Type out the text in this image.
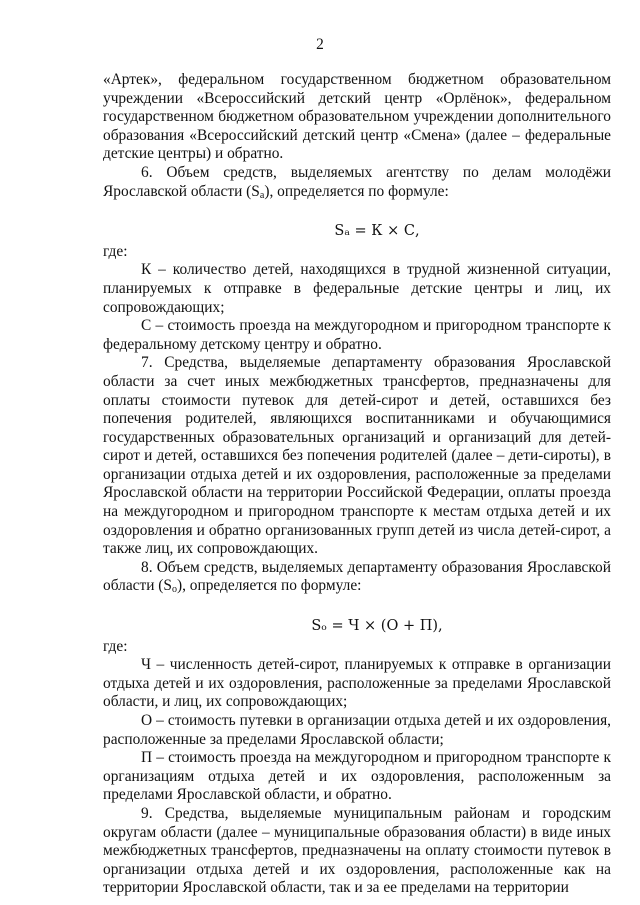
2

«Артек», федеральном государственном бюджетном образовательном учреждении «Всероссийский детский центр «Орлёнок», федеральном государственном бюджетном образовательном учреждении дополнительного образования «Всероссийский детский центр «Смена» (далее – федеральные детские центры) и обратно.

6. Объем средств, выделяемых агентству по делам молодёжи Ярославской области $(S_а)$, определяется по формуле:

Sₐ = К × С,

где:

К – количество детей, находящихся в трудной жизненной ситуации, планируемых к отправке в федеральные детские центры и лиц, их сопровождающих;

С – стоимость проезда на междугородном и пригородном транспорте к федеральному детскому центру и обратно.

7. Средства, выделяемые департаменту образования Ярославской области за счет иных межбюджетных трансфертов, предназначены для оплаты стоимости путевок для детей-сирот и детей, оставшихся без попечения родителей, являющихся воспитанниками и обучающимися государственных образовательных организаций и организаций для детей-сирот и детей, оставшихся без попечения родителей (далее – дети-сироты), в организации отдыха детей и их оздоровления, расположенные за пределами Ярославской области на территории Российской Федерации, оплаты проезда на междугородном и пригородном транспорте к местам отдыха детей и их оздоровления и обратно организованных групп детей из числа детей-сирот, а также лиц, их сопровождающих.

8. Объем средств, выделяемых департаменту образования Ярославской области $(S_о)$, определяется по формуле:

Sₒ = Ч × (О + П),

где:

Ч – численность детей-сирот, планируемых к отправке в организации отдыха детей и их оздоровления, расположенные за пределами Ярославской области, и лиц, их сопровождающих;

О – стоимость путевки в организации отдыха детей и их оздоровления, расположенные за пределами Ярославской области;

П – стоимость проезда на междугородном и пригородном транспорте к организациям отдыха детей и их оздоровления, расположенным за пределами Ярославской области, и обратно.

9. Средства, выделяемые муниципальным районам и городским округам области (далее – муниципальные образования области) в виде иных межбюджетных трансфертов, предназначены на оплату стоимости путевок в организации отдыха детей и их оздоровления, расположенные как на территории Ярославской области, так и за ее пределами на территории
